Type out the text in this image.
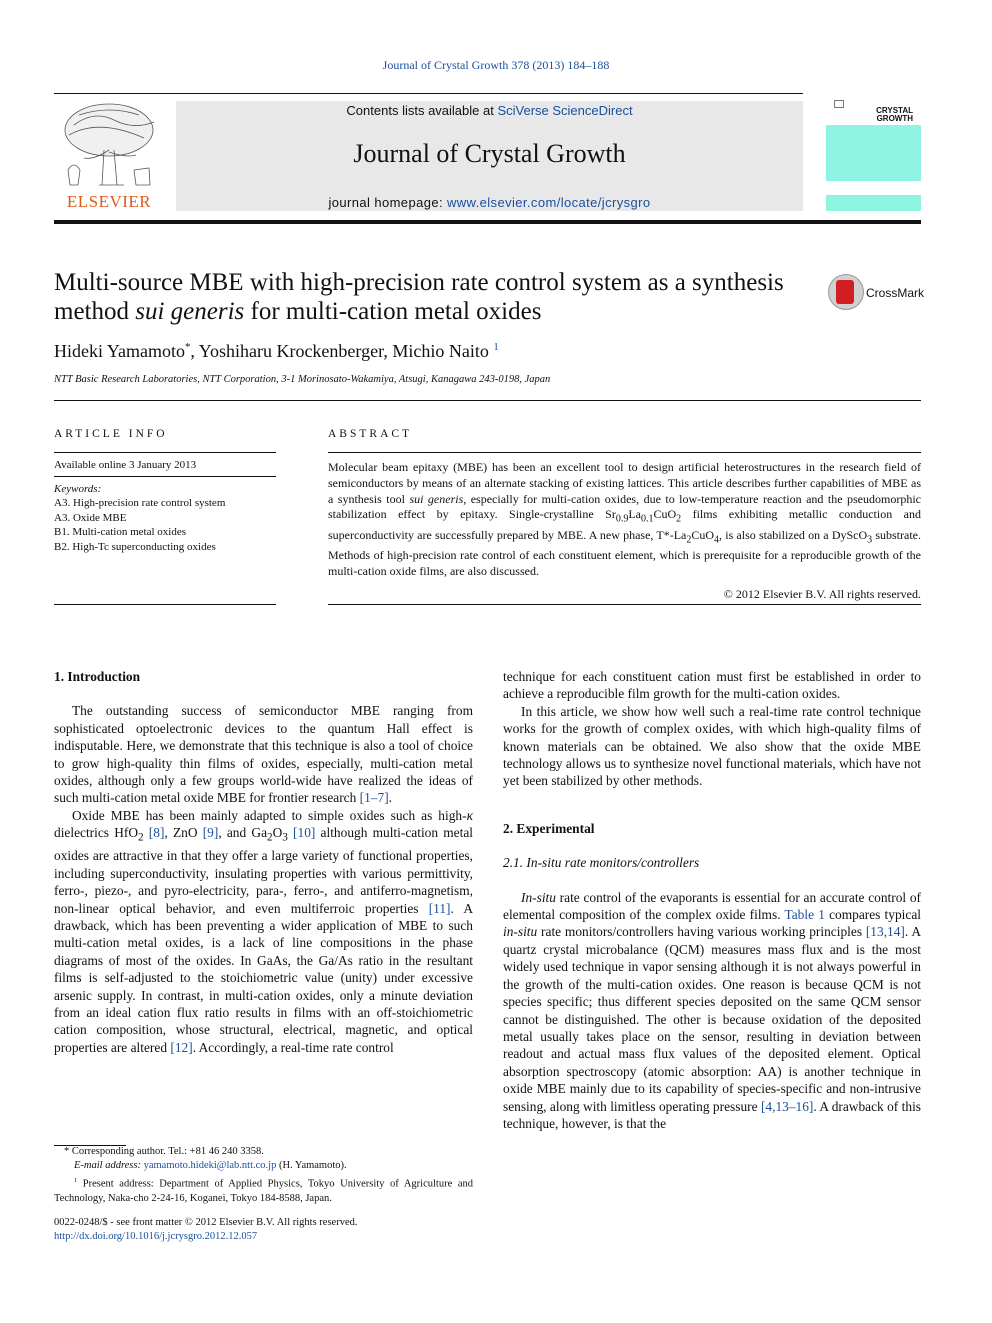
Journal of Crystal Growth 378 (2013) 184–188
ELSEVIER
Contents lists available at SciVerse ScienceDirect
Journal of Crystal Growth
journal homepage: www.elsevier.com/locate/jcrysgro
CRYSTAL
GROWTH
Multi-source MBE with high-precision rate control system as a synthesis method sui generis for multi-cation metal oxides
CrossMark
Hideki Yamamoto*, Yoshiharu Krockenberger, Michio Naito $^1$
NTT Basic Research Laboratories, NTT Corporation, 3-1 Morinosato-Wakamiya, Atsugi, Kanagawa 243-0198, Japan
ARTICLE INFO	ABSTRACT
Available online 3 January 2013
Keywords:
A3. High-precision rate control system
A3. Oxide MBE
B1. Multi-cation metal oxides
B2. High-Tc superconducting oxides
Molecular beam epitaxy (MBE) has been an excellent tool to design artificial heterostructures in the research field of semiconductors by means of an alternate stacking of existing lattices. This article describes further capabilities of MBE as a synthesis tool sui generis, especially for multi-cation oxides, due to low-temperature reaction and the pseudomorphic stabilization effect by epitaxy. Single-crystalline $Sr_{0.9}La_{0.1}CuO_2$ films exhibiting metallic conduction and superconductivity are successfully prepared by MBE. A new phase, $T*-La_2CuO_4$, is also stabilized on a DyScO$_3$ substrate. Methods of high-precision rate control of each constituent element, which is prerequisite for a reproducible growth of the multi-cation oxide films, are also discussed.
© 2012 Elsevier B.V. All rights reserved.

1. Introduction

The outstanding success of semiconductor MBE ranging from sophisticated optoelectronic devices to the quantum Hall effect is indisputable. Here, we demonstrate that this technique is also a tool of choice to grow high-quality thin films of oxides, especially, multi-cation metal oxides, although only a few groups world-wide have realized the ideas of such multi-cation metal oxide MBE for frontier research [1–7].

Oxide MBE has been mainly adapted to simple oxides such as high-κ dielectrics HfO$_2$ [8], ZnO [9], and $Ga_2O_3$ [10] although multi-cation metal oxides are attractive in that they offer a large variety of functional properties, including superconductivity, insulating properties with various permittivity, ferro-, piezo-, and pyro-electricity, para-, ferro-, and antiferro-magnetism, non-linear optical behavior, and even multiferroic properties [11]. A drawback, which has been preventing a wider application of MBE to such multi-cation metal oxides, is a lack of line compositions in the phase diagrams of most of the oxides. In GaAs, the Ga/As ratio in the resultant films is self-adjusted to the stoichiometric value (unity) under excessive arsenic supply. In contrast, in multi-cation oxides, only a minute deviation from an ideal cation flux ratio results in films with an off-stoichiometric cation composition, whose structural, electrical, magnetic, and optical properties are altered [12]. Accordingly, a real-time rate control

technique for each constituent cation must first be established in order to achieve a reproducible film growth for the multi-cation oxides.

In this article, we show how well such a real-time rate control technique works for the growth of complex oxides, with which high-quality films of known materials can be obtained. We also show that the oxide MBE technology allows us to synthesize novel functional materials, which have not yet been stabilized by other methods.

2. Experimental

2.1. In-situ rate monitors/controllers

In-situ rate control of the evaporants is essential for an accurate control of elemental composition of the complex oxide films. Table 1 compares typical in-situ rate monitors/controllers having various working principles [13,14]. A quartz crystal microbalance (QCM) measures mass flux and is the most widely used technique in vapor sensing although it is not always powerful in the growth of the multi-cation oxides. One reason is because QCM is not species specific; thus different species deposited on the same QCM sensor cannot be distinguished. The other is because oxidation of the deposited metal usually takes place on the sensor, resulting in deviation between readout and actual mass flux values of the deposited element. Optical absorption spectroscopy (atomic absorption: AA) is another technique in oxide MBE mainly due to its capability of species-specific and non-intrusive sensing, along with limitless operating pressure [4,13–16]. A drawback of this technique, however, is that the

* Corresponding author. Tel.: +81 46 240 3358.
E-mail address: yamamoto.hideki@lab.ntt.co.jp (H. Yamamoto).
$^1$ Present address: Department of Applied Physics, Tokyo University of Agriculture and Technology, Naka-cho 2-24-16, Koganei, Tokyo 184-8588, Japan.
0022-0248/$ - see front matter © 2012 Elsevier B.V. All rights reserved.
http://dx.doi.org/10.1016/j.jcrysgro.2012.12.057
